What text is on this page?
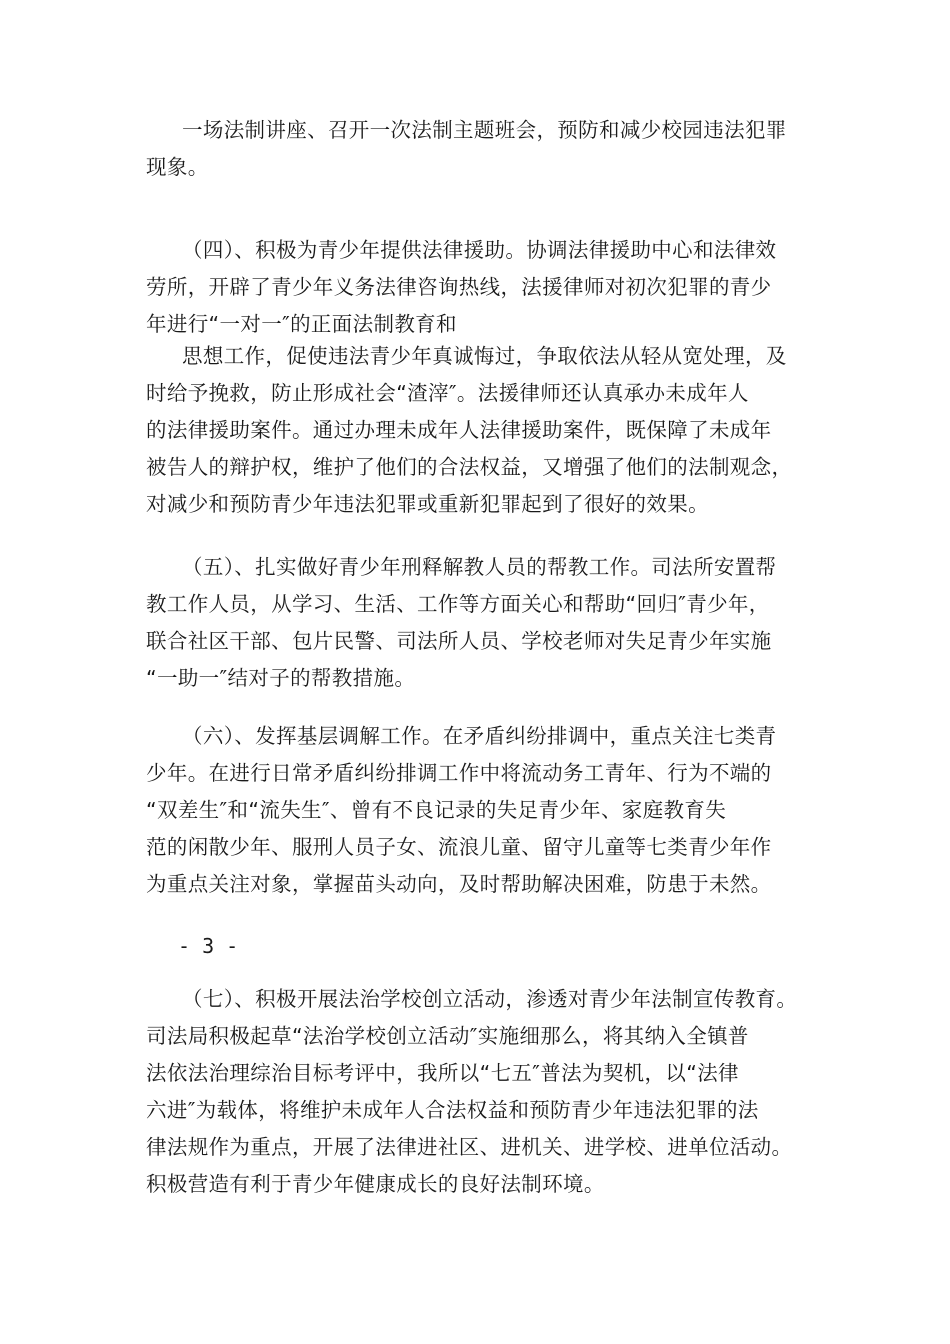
一场法制讲座、召开一次法制主题班会，预防和减少校园违法犯罪
现象。
（四）、积极为青少年提供法律援助。协调法律援助中心和法律效
劳所，开辟了青少年义务法律咨询热线，法援律师对初次犯罪的青少
年进行“一对一″的正面法制教育和
思想工作，促使违法青少年真诚悔过，争取依法从轻从宽处理，及
时给予挽救，防止形成社会“渣滓″。法援律师还认真承办未成年人
的法律援助案件。通过办理未成年人法律援助案件，既保障了未成年
被告人的辩护权，维护了他们的合法权益，又增强了他们的法制观念，
对减少和预防青少年违法犯罪或重新犯罪起到了很好的效果。
（五）、扎实做好青少年刑释解教人员的帮教工作。司法所安置帮
教工作人员，从学习、生活、工作等方面关心和帮助“回归″青少年，
联合社区干部、包片民警、司法所人员、学校老师对失足青少年实施
“一助一″结对子的帮教措施。
（六）、发挥基层调解工作。在矛盾纠纷排调中，重点关注七类青
少年。在进行日常矛盾纠纷排调工作中将流动务工青年、行为不端的
“双差生″和“流失生″、曾有不良记录的失足青少年、家庭教育失
范的闲散少年、服刑人员子女、流浪儿童、留守儿童等七类青少年作
为重点关注对象，掌握苗头动向，及时帮助解决困难，防患于未然。
- 3 -
（七）、积极开展法治学校创立活动，渗透对青少年法制宣传教育。
司法局积极起草“法治学校创立活动″实施细那么，将其纳入全镇普
法依法治理综治目标考评中，我所以“七五″普法为契机，以“法律
六进″为载体，将维护未成年人合法权益和预防青少年违法犯罪的法
律法规作为重点，开展了法律进社区、进机关、进学校、进单位活动。
积极营造有利于青少年健康成长的良好法制环境。
